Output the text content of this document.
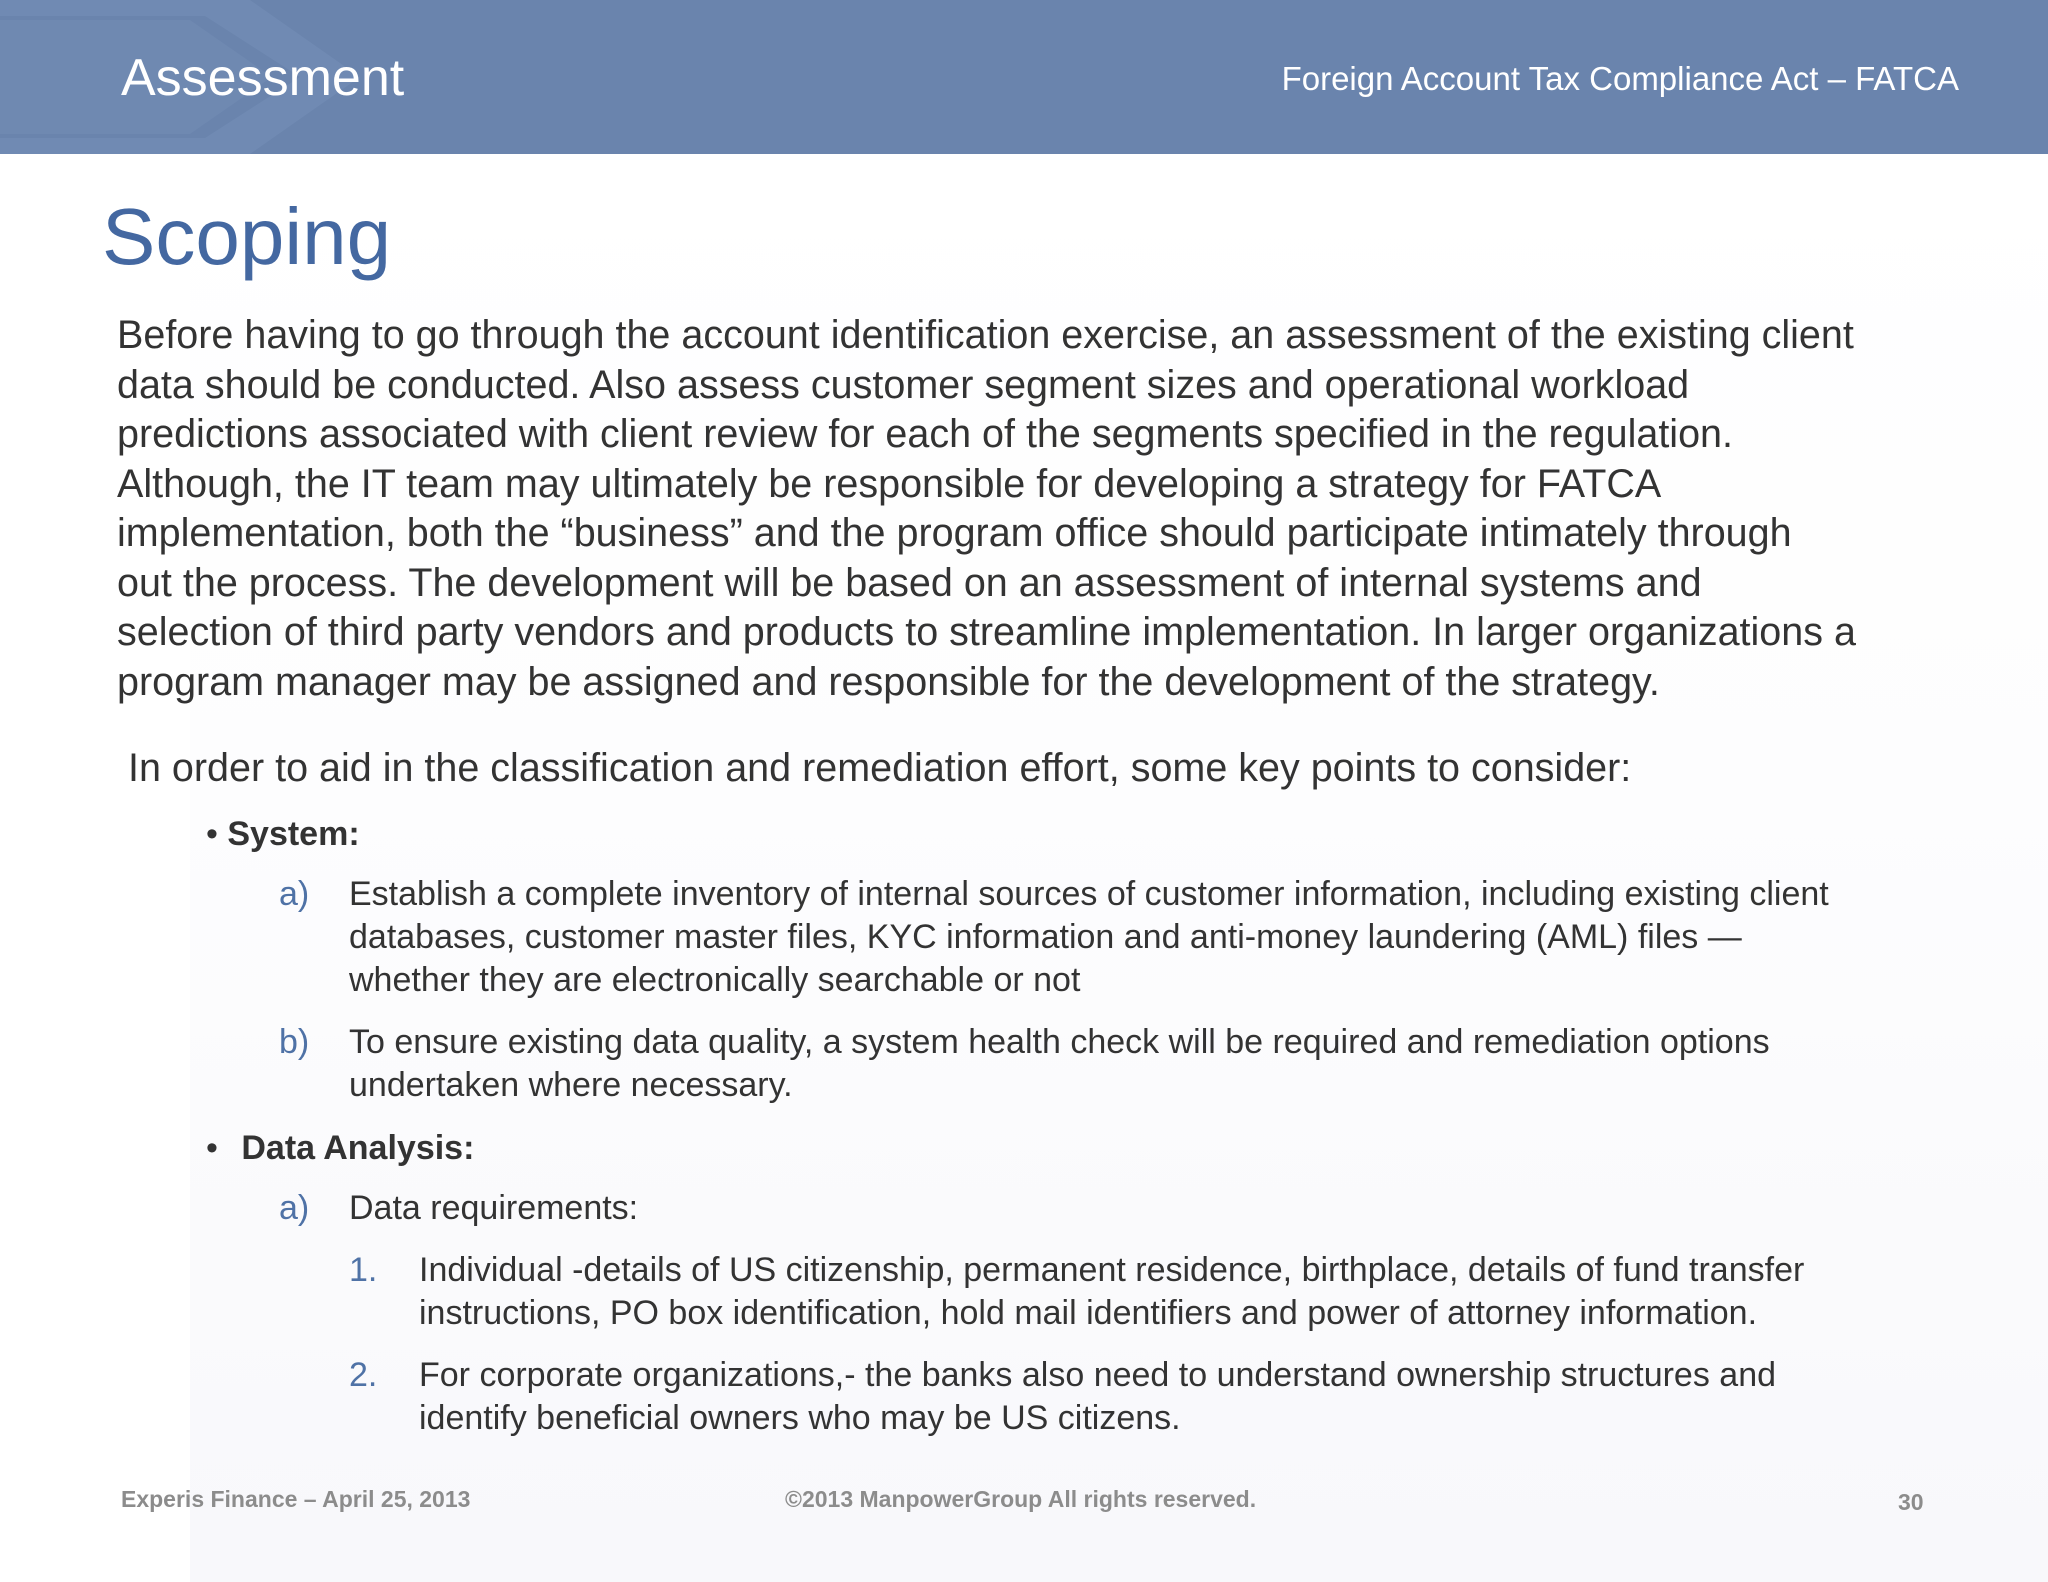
Assessment	Foreign Account Tax Compliance Act – FATCA
Scoping

Before having to go through the account identification exercise, an assessment of the existing client

data should be conducted. Also assess customer segment sizes and operational workload

predictions associated with client review for each of the segments specified in the regulation.

Although, the IT team may ultimately be responsible for developing a strategy for FATCA

implementation, both the “business” and the program office should participate intimately through

out the process. The development will be based on an assessment of internal systems and

selection of third party vendors and products to streamline implementation. In larger organizations a

program manager may be assigned and responsible for the development of the strategy.

In order to aid in the classification and remediation effort, some key points to consider:
• System:
a) Establish a complete inventory of internal sources of customer information, including existing client
databases, customer master files, KYC information and anti-money laundering (AML) files —
whether they are electronically searchable or not
b) To ensure existing data quality, a system health check will be required and remediation options
undertaken where necessary.
• Data Analysis:
a) Data requirements:
1. Individual -details of US citizenship, permanent residence, birthplace, details of fund transfer
instructions, PO box identification, hold mail identifiers and power of attorney information.
2. For corporate organizations,- the banks also need to understand ownership structures and
identify beneficial owners who may be US citizens.
Experis Finance – April 25, 2013	©2013 ManpowerGroup All rights reserved.	30
